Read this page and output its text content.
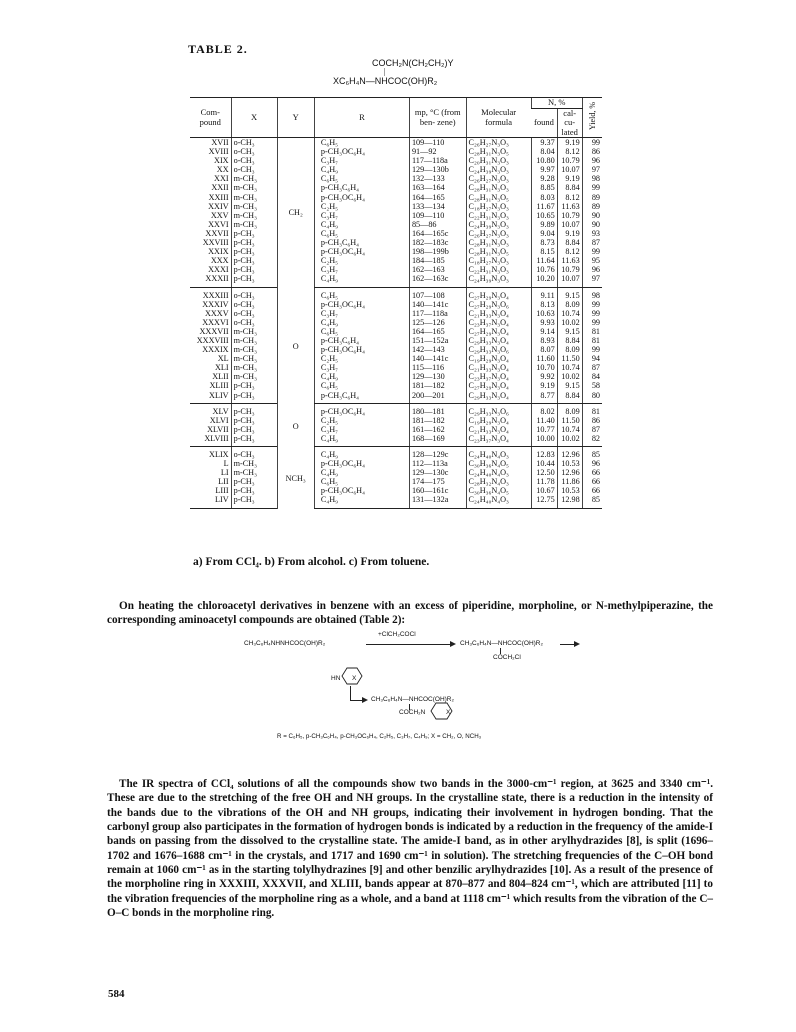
TABLE 2.
COCH₂N(CH₂CH₂)Y
|
XC₆H₄N—NHCOC(OH)R₂
Com- pound	X	Y	R	mp, °C (from ben- zene)	Molecular formula	N, %		Yield, %
						found	cal- cu- lated	
XVII	o-CH₃	CH₂	C₆H₅	109—110	C₂₆H₂₇N₃O₃	9.37	9.19	99
XVIII	o-CH₃		p-CH₃OC₆H₄	91—92	C₂₈H₃₁N₃O₅	8.04	8.12	86
XIX	o-CH₃		C₃H₇	117—118a	C₂₀H₃₁N₃O₃	10.80	10.79	96
XX	o-CH₃		C₄H₉	129—130b	C₂₄H₃₉N₃O₃	9.97	10.07	97
XXI	m-CH₃		C₆H₅	132—133	C₂₆H₂₇N₃O₃	9.28	9.19	98
XXII	m-CH₃		p-CH₃C₆H₄	163—164	C₂₈H₃₁N₃O₃	8.85	8.84	99
XXIII	m-CH₃		p-CH₃OC₆H₄	164—165	C₂₈H₃₁N₃O₅	8.03	8.12	89
XXIV	m-CH₃		C₂H₅	133—134	C₁₈H₂₇N₃O₃	11.67	11.63	89
XXV	m-CH₃		C₃H₇	109—110	C₂₂H₃₁N₃O₃	10.65	10.79	90
XXVI	m-CH₃		C₄H₉	85—86	C₂₄H₃₉N₃O₃	9.89	10.07	90
XXVII	p-CH₃		C₆H₅	164—165c	C₂₆H₂₇N₃O₃	9.04	9.19	93
XXVIII	p-CH₃		p-CH₃C₆H₄	182—183c	C₂₈H₃₁N₃O₃	8.73	8.84	87
XXIX	p-CH₃		p-CH₃OC₆H₄	198—199b	C₂₈H₃₁N₃O₅	8.15	8.12	99
XXX	p-CH₃		C₂H₅	184—185	C₁₈H₂₇N₃O₃	11.64	11.63	95
XXXI	p-CH₃		C₃H₇	162—163	C₂₂H₃₁N₃O₃	10.76	10.79	96
XXXII	p-CH₃		C₄H₉	162—163c	C₂₄H₃₉N₃O₃	10.20	10.07	97
XXXIII	o-CH₃	O	C₆H₅	107—108	C₂₇H₂₉N₃O₄	9.11	9.15	98
XXXIV	o-CH₃		p-CH₃OC₆H₄	140—141c	C₂₇H₂₉N₃O₆	8.13	8.09	99
XXXV	o-CH₃		C₃H₇	117—118a	C₂₁H₃₃N₃O₄	10.63	10.74	99
XXXVI	o-CH₃		C₄H₉	125—126	C₂₃H₃₇N₃O₄	9.93	10.02	99
XXXVII	m-CH₃		C₆H₅	164—165	C₂₇H₂₉N₃O₄	9.14	9.15	81
XXXVIII	m-CH₃		p-CH₃C₆H₄	151—152a	C₂₉H₃₃N₃O₄	8.93	8.84	81
XXXIX	m-CH₃		p-CH₃OC₆H₄	142—143	C₂₉H₃₃N₃O₆	8.07	8.09	99
XL	m-CH₃		C₂H₅	140—141c	C₁₉H₂₉N₃O₄	11.60	11.50	94
XLI	m-CH₃		C₃H₇	115—116	C₂₁H₃₃N₃O₄	10.70	10.74	87
XLII	m-CH₃		C₄H₉	129—130	C₂₃H₃₇N₃O₄	9.92	10.02	84
XLIII	p-CH₃		C₆H₅	181—182	C₂₇H₂₉N₃O₄	9.19	9.15	58
XLIV	p-CH₃		p-CH₃C₆H₄	200—201	C₂₉H₃₃N₃O₄	8.77	8.84	80
XLV	p-CH₃	O	p-CH₃OC₆H₄	180—181	C₂₉H₃₃N₃O₆	8.02	8.09	81
XLVI	p-CH₃		C₂H₅	181—182	C₁₉H₂₉N₃O₄	11.40	11.50	86
XLVII	p-CH₃		C₃H₇	161—162	C₂₁H₃₃N₃O₄	10.77	10.74	87
XLVIII	p-CH₃		C₄H₉	168—169	C₂₃H₃₇N₃O₄	10.00	10.02	82
XLIX	o-CH₃	NCH₃	C₄H₉	128—129c	C₂₄H₄₀N₄O₃	12.83	12.96	85
L	m-CH₃		p-CH₃OC₆H₄	112—113a	C₃₀H₃₆N₄O₅	10.44	10.53	96
LI	m-CH₃		C₄H₉	129—130c	C₂₄H₄₀N₄O₃	12.50	12.96	66
LII	p-CH₃		C₆H₅	174—175	C₂₈H₃₂N₄O₃	11.78	11.86	66
LIII	p-CH₃		p-CH₃OC₆H₄	160—161c	C₃₀H₃₆N₄O₅	10.67	10.53	66
LIV	p-CH₃		C₄H₉	131—132a	C₂₄H₄₀N₄O₃	12.75	12.98	85
a) From CCl₄. b) From alcohol. c) From toluene.

On heating the chloroacetyl derivatives in benzene with an excess of piperidine, morpholine, or N-methylpiperazine, the corresponding aminoacetyl compounds are obtained (Table 2):

CH₃C₆H₄NHNHCOC(OH)R₂
+ClCH₂COCl
CH₃C₆H₄N—NHCOC(OH)R₂
COCH₂Cl
HN X
CH₃C₆H₄N—NHCOC(OH)R₂
COCH₂N	X
R = C₆H₅, p-CH₃C₆H₄, p-CH₃OC₆H₄, C₂H₅, C₃H₇, C₄H₉; X = CH₂, O, NCH₃

The IR spectra of CCl₄ solutions of all the compounds show two bands in the 3000-cm⁻¹ region, at 3625 and 3340 cm⁻¹. These are due to the stretching of the free OH and NH groups. In the crystalline state, there is a reduction in the intensity of the bands due to the vibrations of the OH and NH groups, indicating their involvement in hydrogen bonding. That the carbonyl group also participates in the formation of hydrogen bonds is indicated by a reduction in the frequency of the amide-I bands on passing from the dissolved to the crystalline state. The amide-I band, as in other arylhydrazides [8], is split (1696–1702 and 1676–1688 cm⁻¹ in the crystals, and 1717 and 1690 cm⁻¹ in solution). The stretching frequencies of the C–OH bond remain at 1060 cm⁻¹ as in the starting tolylhydrazines [9] and other benzilic arylhydrazides [10]. As a result of the presence of the morpholine ring in XXXIII, XXXVII, and XLIII, bands appear at 870–877 and 804–824 cm⁻¹, which are attributed [11] to the vibration frequencies of the morpholine ring as a whole, and a band at 1118 cm⁻¹ which results from the vibration of the C–O–C bonds in the morpholine ring.

584
